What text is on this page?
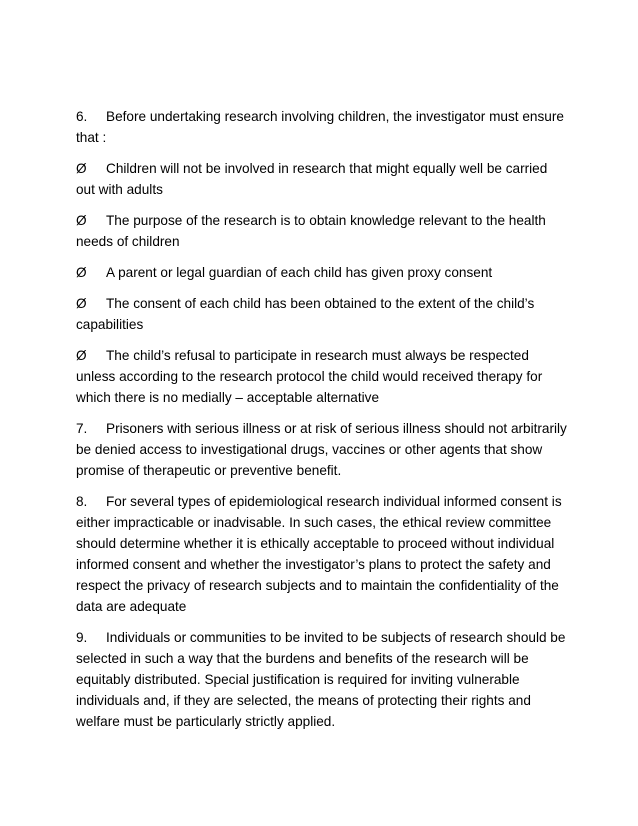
6. Before undertaking research involving children, the investigator must ensure that :

Ø Children will not be involved in research that might equally well be carried out with adults

Ø The purpose of the research is to obtain knowledge relevant to the health needs of children

Ø A parent or legal guardian of each child has given proxy consent

Ø The consent of each child has been obtained to the extent of the child’s capabilities

Ø The child’s refusal to participate in research must always be respected unless according to the research protocol the child would received therapy for which there is no medially – acceptable alternative

7. Prisoners with serious illness or at risk of serious illness should not arbitrarily be denied access to investigational drugs, vaccines or other agents that show promise of therapeutic or preventive benefit.

8. For several types of epidemiological research individual informed consent is either impracticable or inadvisable. In such cases, the ethical review committee should determine whether it is ethically acceptable to proceed without individual informed consent and whether the investigator’s plans to protect the safety and respect the privacy of research subjects and to maintain the confidentiality of the data are adequate

9. Individuals or communities to be invited to be subjects of research should be selected in such a way that the burdens and benefits of the research will be equitably distributed. Special justification is required for inviting vulnerable individuals and, if they are selected, the means of protecting their rights and welfare must be particularly strictly applied.
